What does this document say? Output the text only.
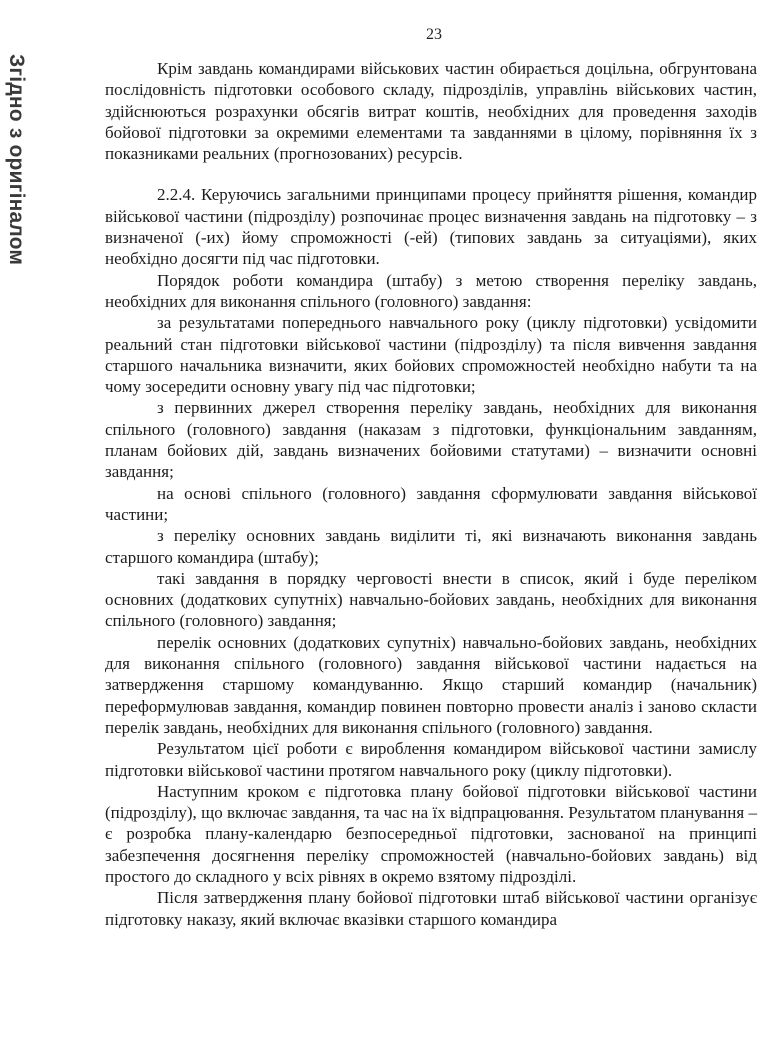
Згідно з оригіналом
23

Крім завдань командирами військових частин обирається доцільна, обгрунтована послідовність підготовки особового складу, підрозділів, управлінь військових частин, здійснюються розрахунки обсягів витрат коштів, необхідних для проведення заходів бойової підготовки за окремими елементами та завданнями в цілому, порівняння їх з показниками реальних (прогнозованих) ресурсів.

2.2.4. Керуючись загальними принципами процесу прийняття рішення, командир військової частини (підрозділу) розпочинає процес визначення завдань на підготовку – з визначеної (-их) йому спроможності (-ей) (типових завдань за ситуаціями), яких необхідно досягти під час підготовки.

Порядок роботи командира (штабу) з метою створення переліку завдань, необхідних для виконання спільного (головного) завдання:

за результатами попереднього навчального року (циклу підготовки) усвідомити реальний стан підготовки військової частини (підрозділу) та після вивчення завдання старшого начальника визначити, яких бойових спроможностей необхідно набути та на чому зосередити основну увагу під час підготовки;

з первинних джерел створення переліку завдань, необхідних для виконання спільного (головного) завдання (наказам з підготовки, функціональним завданням, планам бойових дій, завдань визначених бойовими статутами) – визначити основні завдання;

на основі спільного (головного) завдання сформулювати завдання військової частини;

з переліку основних завдань виділити ті, які визначають виконання завдань старшого командира (штабу);

такі завдання в порядку черговості внести в список, який і буде переліком основних (додаткових супутніх) навчально-бойових завдань, необхідних для виконання спільного (головного) завдання;

перелік основних (додаткових супутніх) навчально-бойових завдань, необхідних для виконання спільного (головного) завдання військової частини надається на затвердження старшому командуванню. Якщо старший командир (начальник) переформулював завдання, командир повинен повторно провести аналіз і заново скласти перелік завдань, необхідних для виконання спільного (головного) завдання.

Результатом цієї роботи є вироблення командиром військової частини замислу підготовки військової частини протягом навчального року (циклу підготовки).

Наступним кроком є підготовка плану бойової підготовки військової частини (підрозділу), що включає завдання, та час на їх відпрацювання. Результатом планування – є розробка плану-календарю безпосередньої підготовки, заснованої на принципі забезпечення досягнення переліку спроможностей (навчально-бойових завдань) від простого до складного у всіх рівнях в окремо взятому підрозділі.

Після затвердження плану бойової підготовки штаб військової частини організує підготовку наказу, який включає вказівки старшого командира
